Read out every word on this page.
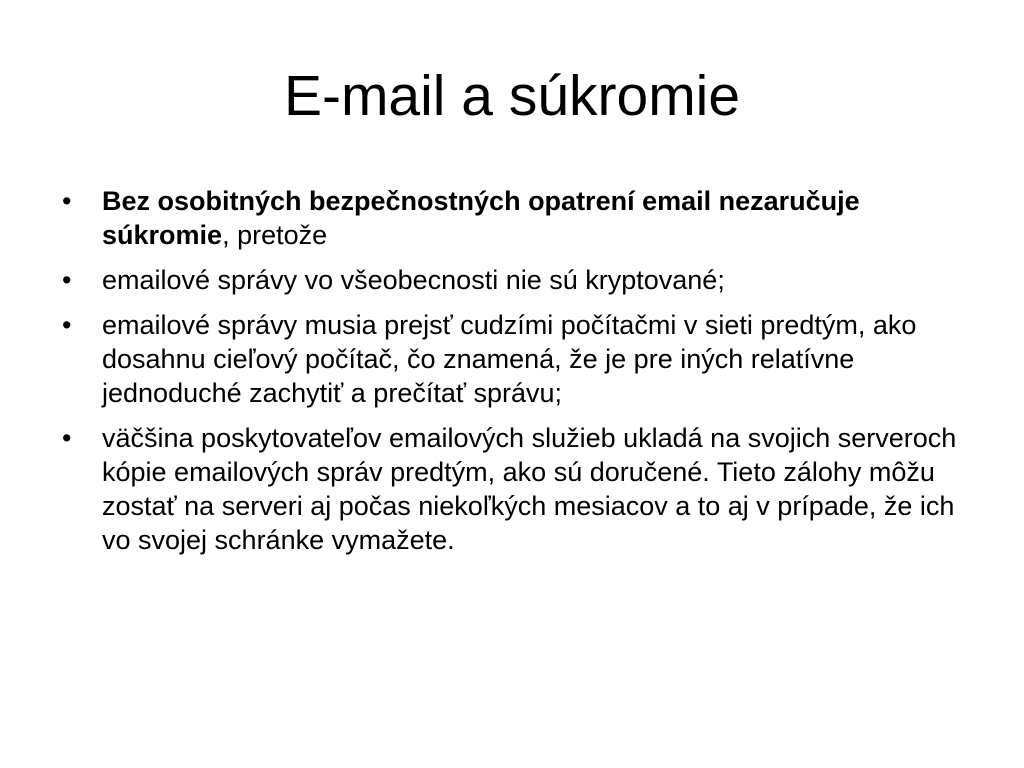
E-mail a súkromie
•	Bez osobitných bezpečnostných opatrení email nezaručuje súkromie, pretože
•	emailové správy vo všeobecnosti nie sú kryptované;
•	emailové správy musia prejsť cudzími počítačmi v sieti predtým, ako dosahnu cieľový počítač, čo znamená, že je pre iných relatívne jednoduché zachytiť a prečítať správu;
•	väčšina poskytovateľov emailových služieb ukladá na svojich serveroch kópie emailových správ predtým, ako sú doručené. Tieto zálohy môžu zostať na serveri aj počas niekoľkých mesiacov a to aj v prípade, že ich vo svojej schránke vymažete.
